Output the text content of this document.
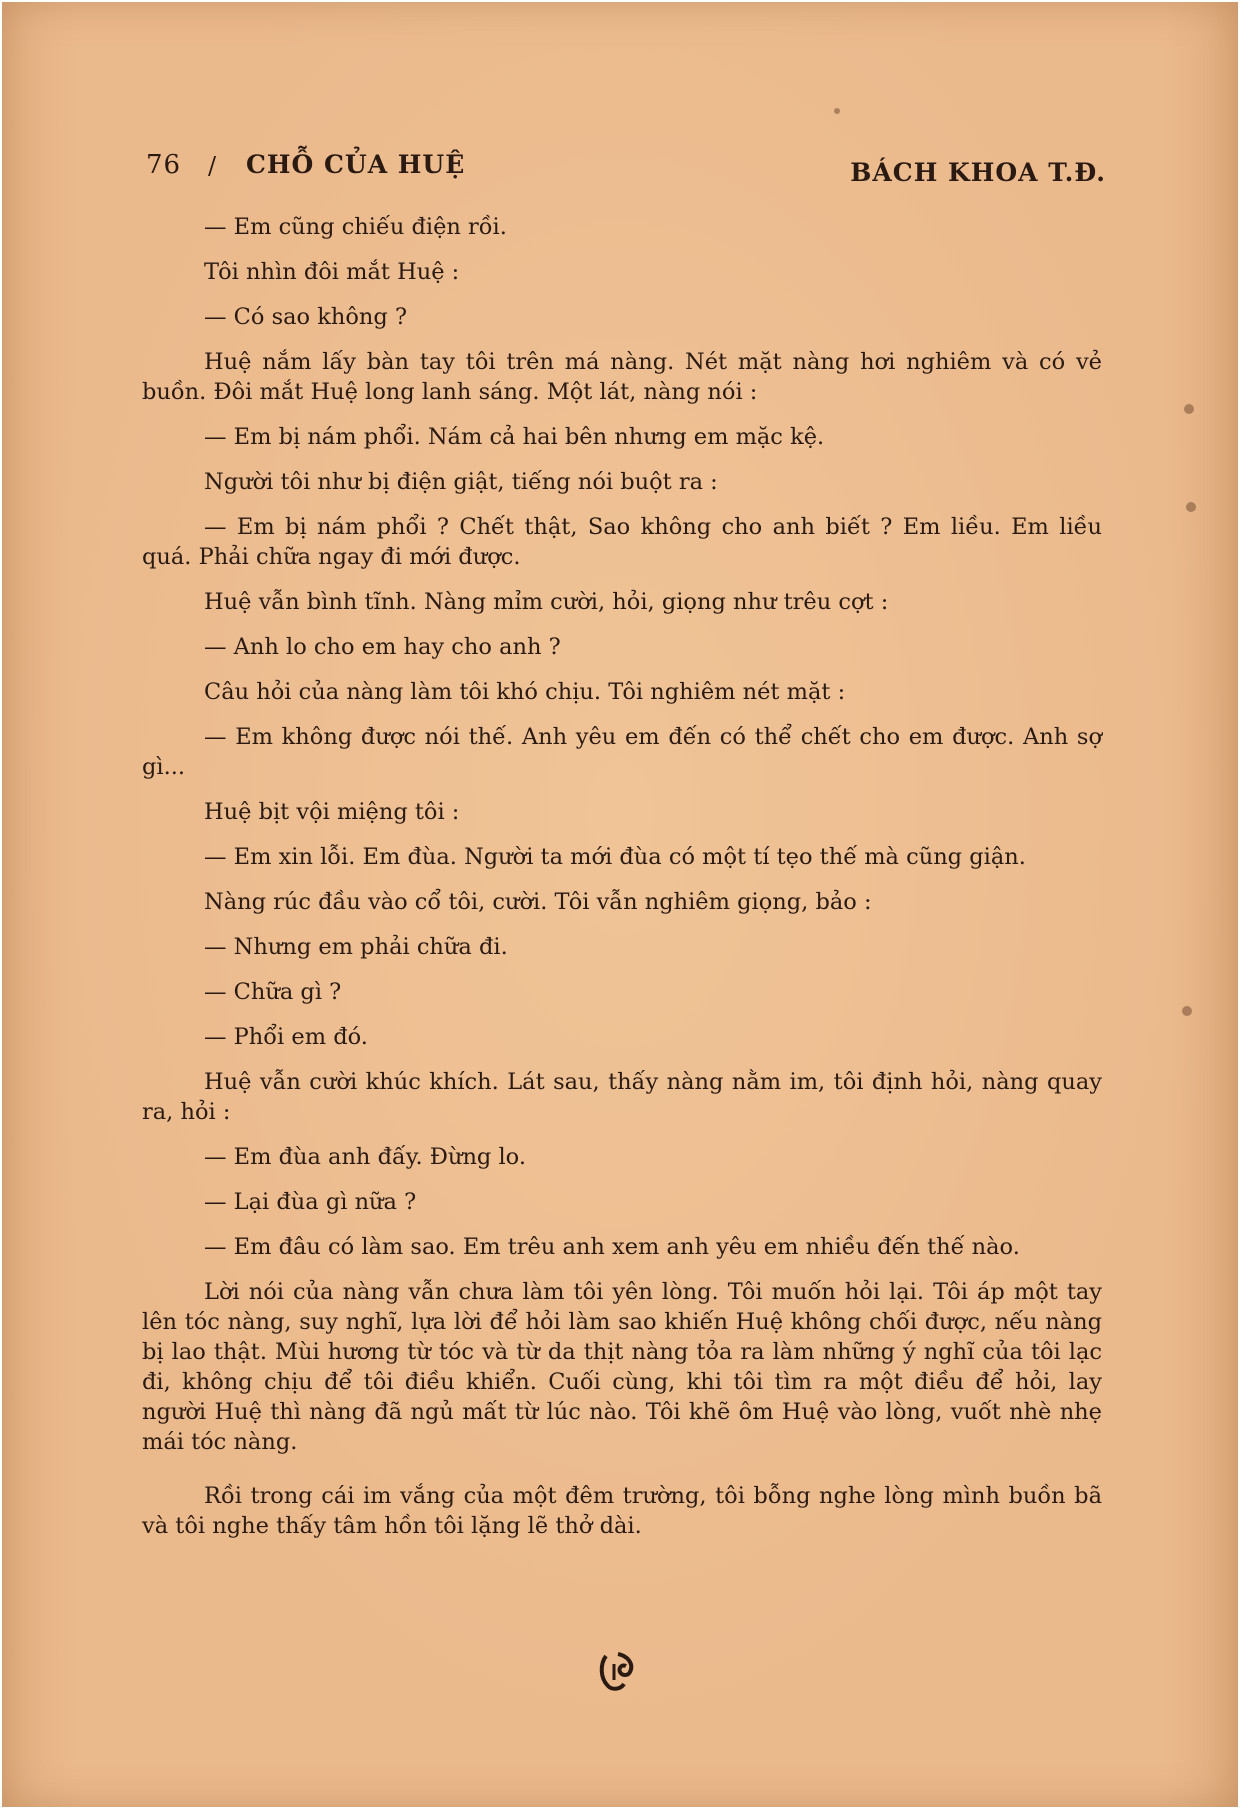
76 / CHỖ CỦA HUỆ	BÁCH KHOA T.Đ.

— Em cũng chiếu điện rồi.

Tôi nhìn đôi mắt Huệ :

— Có sao không ?

Huệ nắm lấy bàn tay tôi trên má nàng. Nét mặt nàng hơi nghiêm và có vẻ buồn. Đôi mắt Huệ long lanh sáng. Một lát, nàng nói :

— Em bị nám phổi. Nám cả hai bên nhưng em mặc kệ.

Người tôi như bị điện giật, tiếng nói buột ra :

— Em bị nám phổi ? Chết thật, Sao không cho anh biết ? Em liều. Em liều quá. Phải chữa ngay đi mới được.

Huệ vẫn bình tĩnh. Nàng mỉm cười, hỏi, giọng như trêu cợt :

— Anh lo cho em hay cho anh ?

Câu hỏi của nàng làm tôi khó chịu. Tôi nghiêm nét mặt :

— Em không được nói thế. Anh yêu em đến có thể chết cho em được. Anh sợ gì...

Huệ bịt vội miệng tôi :

— Em xin lỗi. Em đùa. Người ta mới đùa có một tí tẹo thế mà cũng giận.

Nàng rúc đầu vào cổ tôi, cười. Tôi vẫn nghiêm giọng, bảo :

— Nhưng em phải chữa đi.

— Chữa gì ?

— Phổi em đó.

Huệ vẫn cười khúc khích. Lát sau, thấy nàng nằm im, tôi định hỏi, nàng quay ra, hỏi :

— Em đùa anh đấy. Đừng lo.

— Lại đùa gì nữa ?

— Em đâu có làm sao. Em trêu anh xem anh yêu em nhiều đến thế nào.

Lời nói của nàng vẫn chưa làm tôi yên lòng. Tôi muốn hỏi lại. Tôi áp một tay lên tóc nàng, suy nghĩ, lựa lời để hỏi làm sao khiến Huệ không chối được, nếu nàng bị lao thật. Mùi hương từ tóc và từ da thịt nàng tỏa ra làm những ý nghĩ của tôi lạc đi, không chịu để tôi điều khiển. Cuối cùng, khi tôi tìm ra một điều để hỏi, lay người Huệ thì nàng đã ngủ mất từ lúc nào. Tôi khẽ ôm Huệ vào lòng, vuốt nhè nhẹ mái tóc nàng.

Rồi trong cái im vắng của một đêm trường, tôi bỗng nghe lòng mình buồn bã và tôi nghe thấy tâm hồn tôi lặng lẽ thở dài.
